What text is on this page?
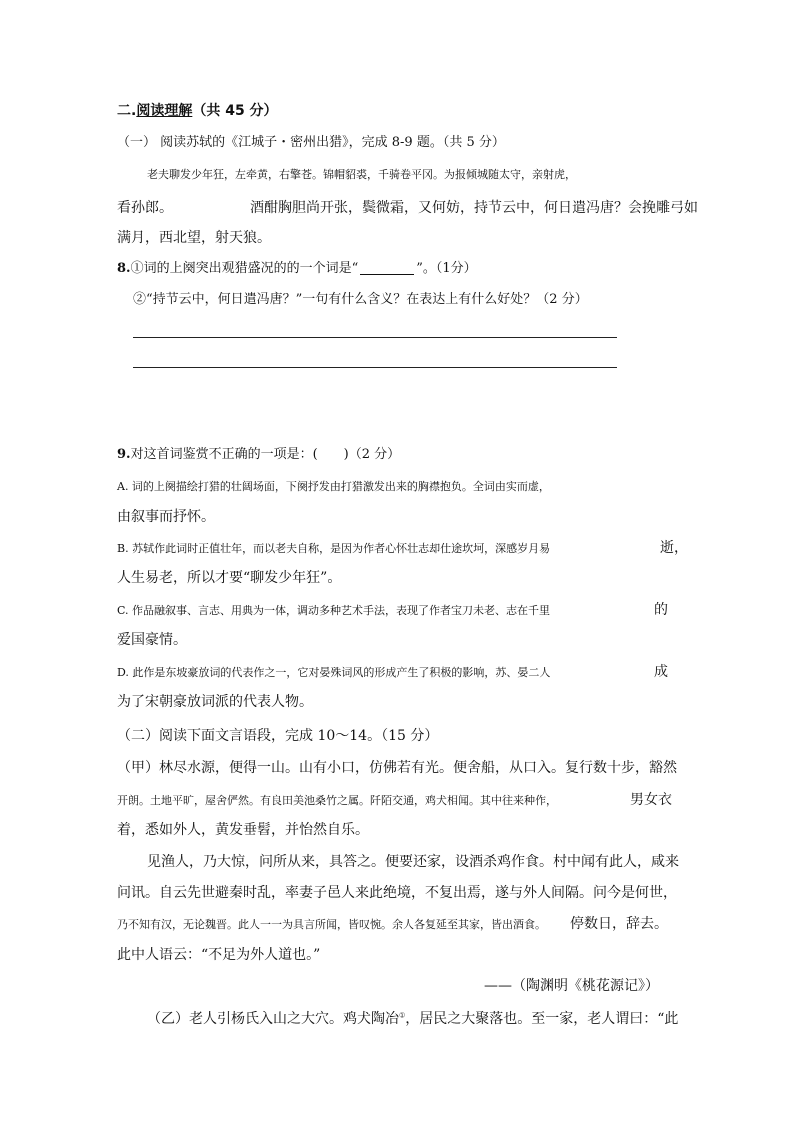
二.阅读理解（共 45 分）
（一） 阅读苏轼的《江城子・密州出猎》，完成 8-9 题。（共 5 分）
老夫聊发少年狂，左牵黄，右擎苍。锦帽貂裘，千骑卷平冈。为报倾城随太守，亲射虎，
看孙郎。	酒酣胸胆尚开张，鬓微霜，又何妨，持节云中，何日遣冯唐？会挽雕弓如
满月，西北望，射天狼。
8.①词的上阕突出观猎盛况的的一个词是“	”。（1分）
②“持节云中，何日遣冯唐？”一句有什么含义？在表达上有什么好处？（2 分）
9.对这首词鉴赏不正确的一项是：(　　)（2 分）
A. 词的上阕描绘打猎的壮阔场面，下阕抒发由打猎激发出来的胸襟抱负。全词由实而虚，
由叙事而抒怀。
B. 苏轼作此词时正值壮年，而以老夫自称，是因为作者心怀壮志却仕途坎坷，深感岁月易	逝，
人生易老，所以才要“聊发少年狂”。
C. 作品融叙事、言志、用典为一体，调动多种艺术手法，表现了作者宝刀未老、志在千里	的
爱国豪情。
D. 此作是东坡豪放词的代表作之一，它对晏殊词风的形成产生了积极的影响，苏、晏二人	成
为了宋朝豪放词派的代表人物。
（二）阅读下面文言语段，完成 10～14。（15 分）
（甲）林尽水源，便得一山。山有小口，仿佛若有光。便舍船，从口入。复行数十步，豁然
开朗。土地平旷，屋舍俨然。有良田美池桑竹之属。阡陌交通，鸡犬相闻。其中往来种作，	男女衣
着，悉如外人，黄发垂髫，并怡然自乐。
见渔人，乃大惊，问所从来，具答之。便要还家，设酒杀鸡作食。村中闻有此人，咸来
问讯。自云先世避秦时乱，率妻子邑人来此绝境，不复出焉，遂与外人间隔。问今是何世，
乃不知有汉，无论魏晋。此人一一为具言所闻，皆叹惋。余人各复延至其家，皆出酒食。 停数日，辞去。
此中人语云：“不足为外人道也。”
——（陶渊明《桃花源记》）
（乙）老人引杨氏入山之大穴。鸡犬陶冶①，居民之大聚落也。至一家，老人谓曰：“此
